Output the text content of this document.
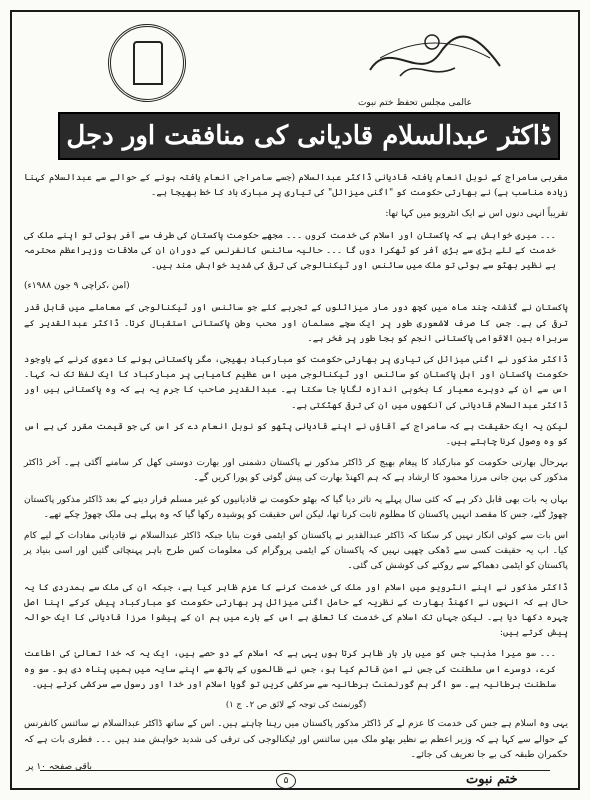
عالمی مجلس تحفظ ختم نبوت
ڈاکٹر عبدالسلام قادیانی کی منافقت اور دجل

مغربی سامراج کے نوبل انعام یافتہ قادیانی ڈاکٹر عبدالسلام (جسے سامراجی انعام یافتہ ہونے کے حوالے سے عبدالسلام کہنا زیادہ مناسب ہے) نے بھارتی حکومت کو "اگنی میزائل" کی تیاری پر مبارک باد کا خط بھیجا ہے۔

تقریباً انہی دنوں اس نے ایک انٹرویو میں کہا تھا:

۔۔۔ میری خواہش ہے کہ پاکستان اور اسلام کی خدمت کروں ۔۔۔ مجھے حکومت پاکستان کی طرف سے آفر ہوئی تو اپنے ملک کی خدمت کے لئے بڑی سے بڑی آفر کو ٹھکرا دوں گا ۔۔۔ حالیہ سائنس کانفرنس کے دوران ان کی ملاقات وزیراعظم محترمہ بے نظیر بھٹو سے ہوئی تو ملک میں سائنس اور ٹیکنالوجی کی ترقی کی شدید خواہش مند ہیں۔

(امن ،کراچی ۹ جون ۱۹۸۸ء)

پاکستان نے گذشتہ چند ماہ میں کچھ دور مار میزائلوں کے تجربے کئے جو سائنس اور ٹیکنالوجی کے معاملے میں قابل قدر ترقی کی ہے۔ جس کا صرف لاشعوری طور پر ایک سچے مسلمان اور محب وطن پاکستانی استقبال کرتا۔ ڈاکٹر عبدالقدیر کے سربراہ بین الاقوامی پاکستانی انجم کو بجا طور پر فخر ہے۔

ڈاکٹر مذکور نے اگنی میزائل کی تیاری پر بھارتی حکومت کو مبارکباد بھیجی، مگر پاکستانی ہونے کا دعوی کرنے کے باوجود حکومت پاکستان اور اہل پاکستان کو سائنس اور ٹیکنالوجی میں اس عظیم کامیابی پر مبارکباد کا ایک لفظ تک نہ کہا۔ اس سے ان کے دوہرے معیار کا بخوبی اندازہ لگایا جا سکتا ہے۔ عبدالقدیر صاحب کا جرم یہ ہے کہ وہ پاکستانی ہیں اور ڈاکٹر عبدالسلام قادیانی کی آنکھوں میں ان کی ترقی کھٹکتی ہے۔

لیکن یہ ایک حقیقت ہے کہ سامراج کے آقاؤں نے اپنے قادیانی پٹھو کو نوبل انعام دے کر اس کی جو قیمت مقرر کی ہے اس کو وہ وصول کرنا چاہتے ہیں۔

بہرحال بھارتی حکومت کو مبارکباد کا پیغام بھیج کر ڈاکٹر مذکور نے پاکستان دشمنی اور بھارت دوستی کھل کر سامنے آگئی ہے۔ آخر ڈاکٹر مذکور کی بہن جانی مرزا محمود کا ارشاد ہے کہ ہم اکھنڈ بھارت کی پیش گوئی کو پورا کریں گے۔

بہاں یہ بات بھی قابل ذکر ہے کہ کئی سال پہلے یہ تاثر دیا گیا کہ بھٹو حکومت نے قادیانیوں کو غیر مسلم قرار دینے کے بعد ڈاکٹر مذکور پاکستان چھوڑ گئے، جس کا مقصد انہیں پاکستان کا مظلوم ثابت کرنا تھا، لیکن اس حقیقت کو پوشیدہ رکھا گیا کہ وہ پہلے ہی ملک چھوڑ چکے تھے۔

اس بات سے کوئی انکار نہیں کر سکتا کہ ڈاکٹر عبدالقدیر نے پاکستان کو ایٹمی قوت بنایا جبکہ ڈاکٹر عبدالسلام نے قادیانی مفادات کے لیے کام کیا۔ اب یہ حقیقت کسی سے ڈھکی چھپی نہیں کہ پاکستان کے ایٹمی پروگرام کی معلومات کس طرح باہر پہنچائی گئیں اور اسی بنیاد پر پاکستان کو ایٹمی دھماکے سے روکنے کی کوشش کی گئی۔

ڈاکٹر مذکور نے اپنے انٹرویو میں اسلام اور ملک کی خدمت کرنے کا عزم ظاہر کیا ہے، جبکہ ان کی ملک سے ہمدردی کا یہ حال ہے کہ انہوں نے اکھنڈ بھارت کے نظریہ کے حامل اگنی میزائل پر بھارتی حکومت کو مبارکباد پیش کرکے اپنا اصل چہرہ دکھا دیا ہے۔ لیکن جہاں تک اسلام کی خدمت کا تعلق ہے اس کے بارے میں ہم ان کے پیشوا مرزا قادیانی کا ایک حوالہ پیش کرتے ہیں:

۔۔۔ سو میرا مذہب جس کو میں بار بار ظاہر کرتا ہوں یہی ہے کہ اسلام کے دو حصے ہیں، ایک یہ کہ خدا تعالیٰ کی اطاعت کرے، دوسرے اس سلطنت کی جس نے امن قائم کیا ہو، جس نے ظالموں کے ہاتھ سے اپنے سایہ میں ہمیں پناہ دی ہو۔ سو وہ سلطنت برطانیہ ہے۔ سو اگر ہم گورنمنٹ برطانیہ سے سرکشی کریں تو گویا اسلام اور خدا اور رسول سے سرکشی کرتے ہیں۔

(گورنمنٹ کی توجہ کے لائق ص ۲۔ ج ۱)

یہی وہ اسلام ہے جس کی خدمت کا عزم لے کر ڈاکٹر مذکور پاکستان میں رہنا چاہتے ہیں۔ اس کے ساتھ ڈاکٹر عبدالسلام نے سائنس کانفرنس کے حوالے سے کہا ہے کہ وزیر اعظم بے نظیر بھٹو ملک میں سائنس اور ٹیکنالوجی کی ترقی کی شدید خواہش مند ہیں ۔۔۔ فطری بات ہے کہ حکمران طبقہ کی بے جا تعریف کی جائے۔

باقی صفحہ ۱۰ پر
۵	ختم نبوت
